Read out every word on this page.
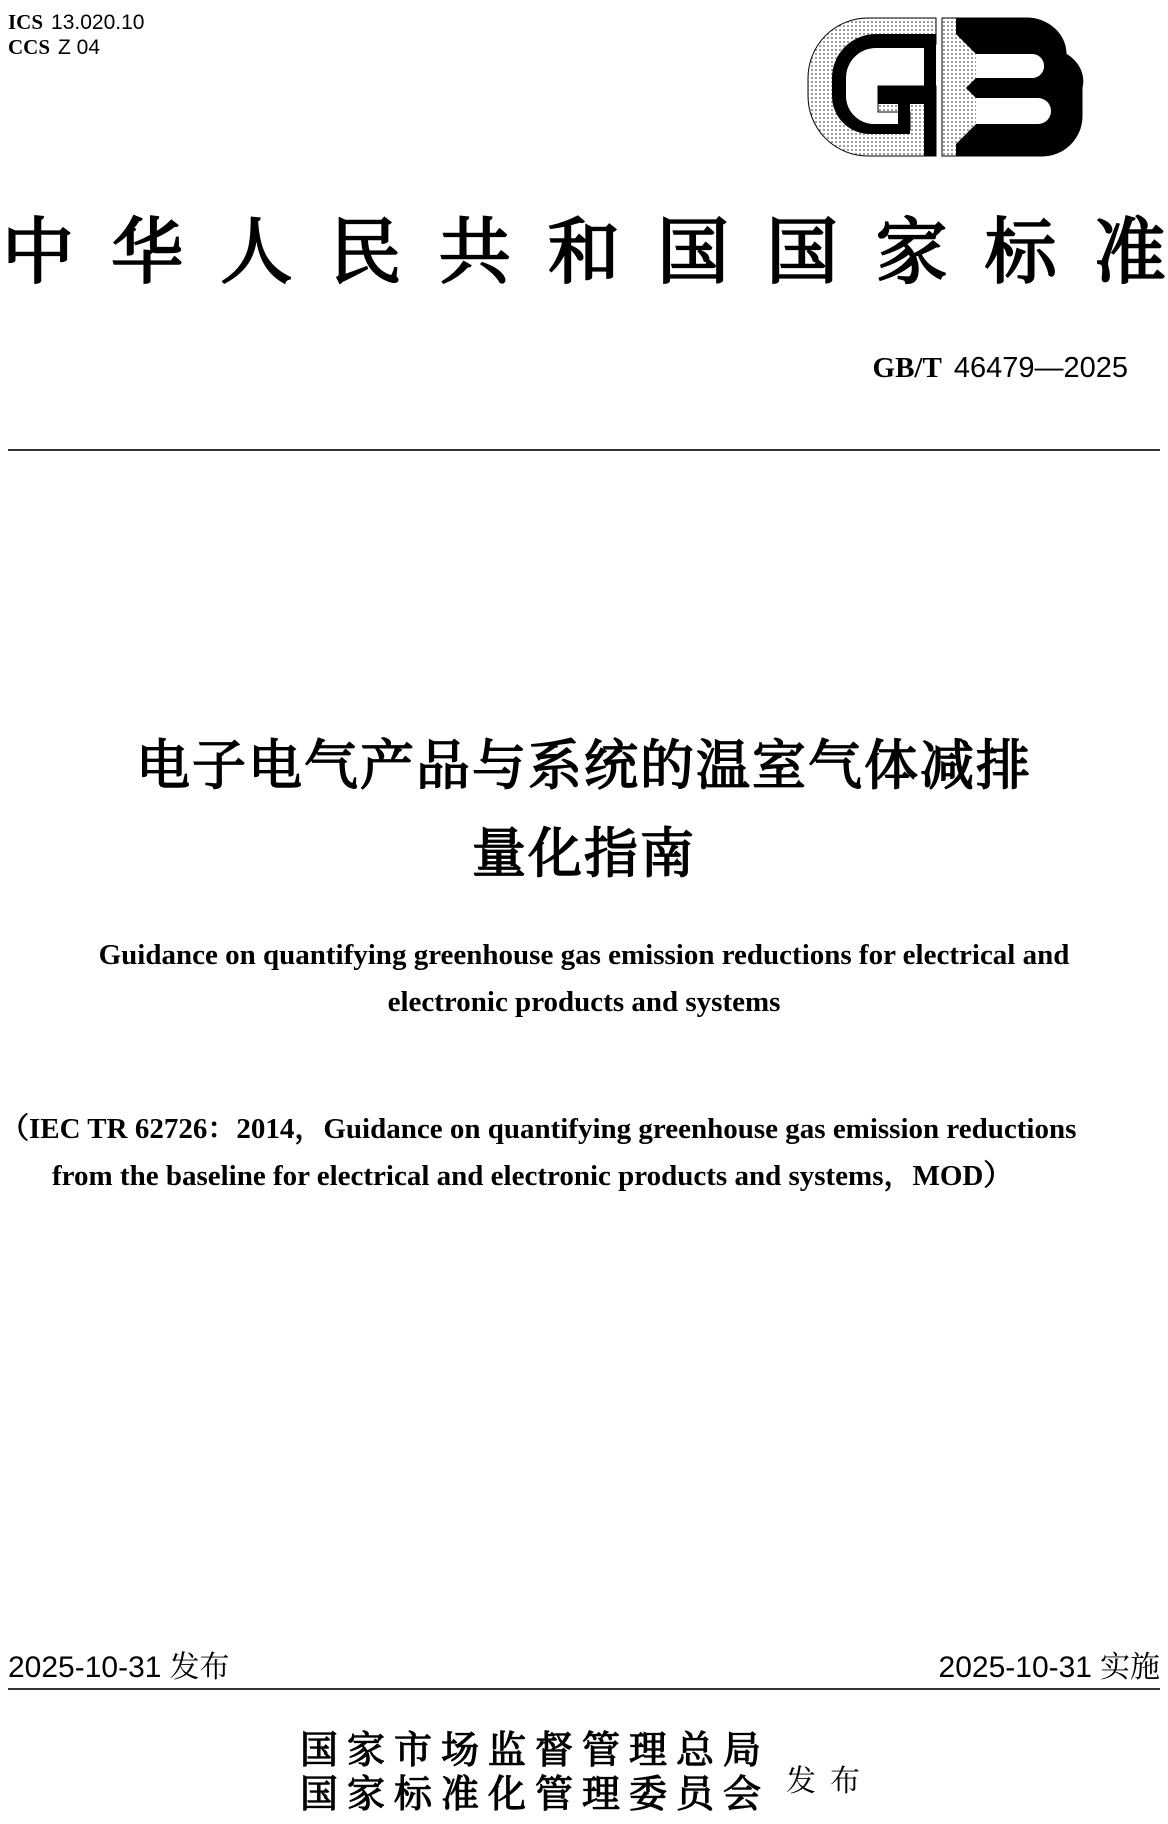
ICS 13.020.10
CCS Z 04
中 华 人 民 共 和 国 国 家 标 准
GB/T 46479—2025
电子电气产品与系统的温室气体减排
量化指南
Guidance on quantifying greenhouse gas emission reductions for electrical and
electronic products and systems
（IEC TR 62726：2014，Guidance on quantifying greenhouse gas emission reductions
from the baseline for electrical and electronic products and systems，MOD）
2025-10-31 发布	2025-10-31 实施
国家市场监督管理总局
国家标准化管理委员会 发布
